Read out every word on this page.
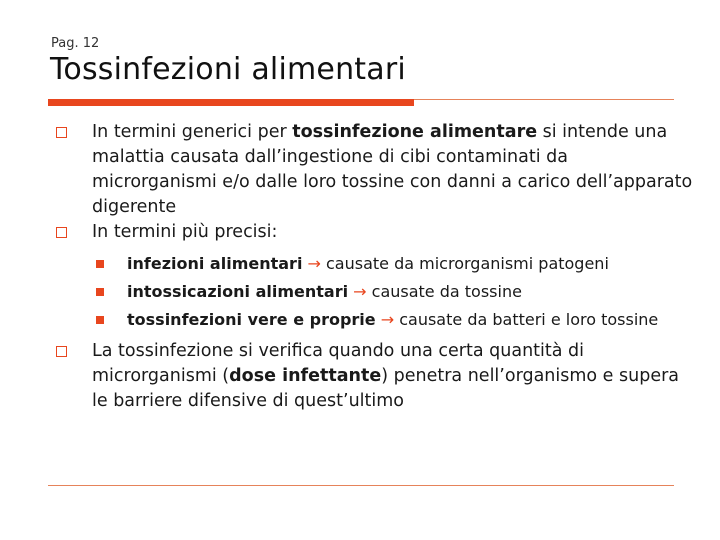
Pag. 12
Tossinfezioni alimentari
In termini generici per tossinfezione alimentare si intende una malattia causata dall’ingestione di cibi contaminati da microrganismi e/o dalle loro tossine con danni a carico dell’apparato digerente
In termini più precisi:
infezioni alimentari → causate da microrganismi patogeni
intossicazioni alimentari → causate da tossine
tossinfezioni vere e proprie → causate da batteri e loro tossine
La tossinfezione si verifica quando una certa quantità di microrganismi (dose infettante) penetra nell’organismo e supera le barriere difensive di quest’ultimo
